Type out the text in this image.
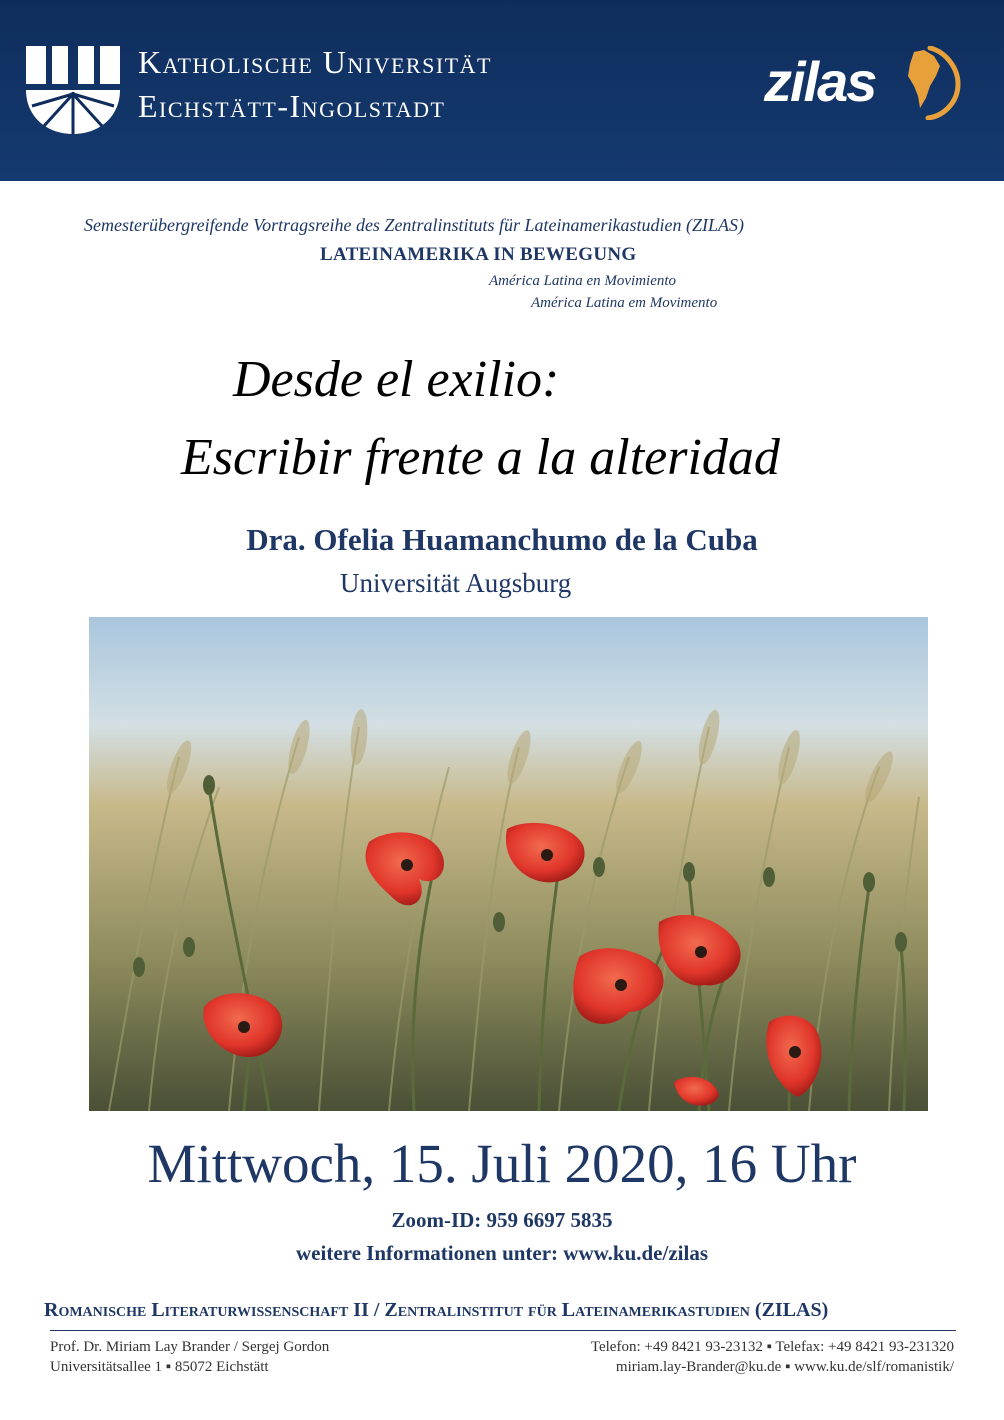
Katholische Universität
Eichstätt-Ingolstadt	zilas
Semesterübergreifende Vortragsreihe des Zentralinstituts für Lateinamerikastudien (ZILAS)
LATEINAMERIKA IN BEWEGUNG
América Latina en Movimiento
América Latina em Movimento
Desde el exilio:
Escribir frente a la alteridad
Dra. Ofelia Huamanchumo de la Cuba
Universität Augsburg
Mittwoch, 15. Juli 2020, 16 Uhr
Zoom-ID: 959 6697 5835
weitere Informationen unter: www.ku.de/zilas
Romanische Literaturwissenschaft II / Zentralinstitut für Lateinamerikastudien (ZILAS)
Prof. Dr. Miriam Lay Brander / Sergej Gordon
Universitätsallee 1 ▪ 85072 Eichstätt
Telefon: +49 8421 93-23132 ▪ Telefax: +49 8421 93-231320
miriam.lay-Brander@ku.de ▪ www.ku.de/slf/romanistik/
